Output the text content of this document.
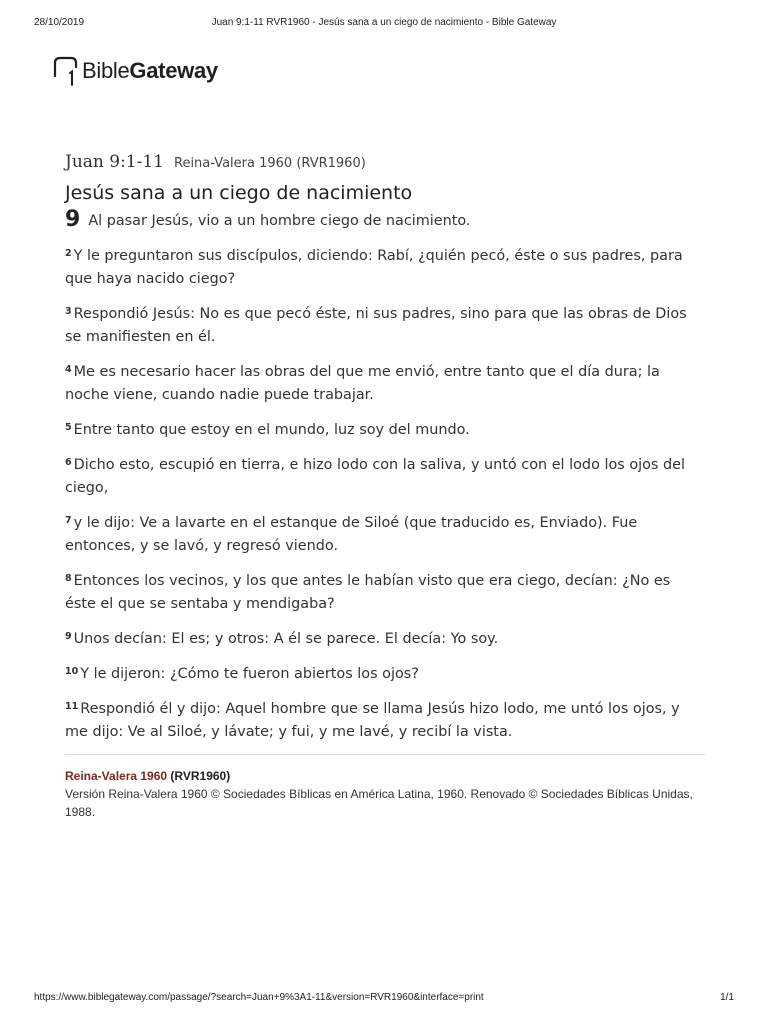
28/10/2019	Juan 9:1-11 RVR1960 - Jesús sana a un ciego de nacimiento - Bible Gateway
BibleGateway
Juan 9:1-11 Reina-Valera 1960 (RVR1960)
Jesús sana a un ciego de nacimiento

9 Al pasar Jesús, vio a un hombre ciego de nacimiento.

$^2$ Y le preguntaron sus discípulos, diciendo: Rabí, ¿quién pecó, éste o sus padres, para que haya nacido ciego?

$^3$ Respondió Jesús: No es que pecó éste, ni sus padres, sino para que las obras de Dios se manifiesten en él.

$^4$ Me es necesario hacer las obras del que me envió, entre tanto que el día dura; la noche viene, cuando nadie puede trabajar.

$^5$ Entre tanto que estoy en el mundo, luz soy del mundo.

$^6$ Dicho esto, escupió en tierra, e hizo lodo con la saliva, y untó con el lodo los ojos del ciego,

$^7$ y le dijo: Ve a lavarte en el estanque de Siloé (que traducido es, Enviado). Fue entonces, y se lavó, y regresó viendo.

$^8$ Entonces los vecinos, y los que antes le habían visto que era ciego, decían: ¿No es éste el que se sentaba y mendigaba?

$^9$ Unos decían: El es; y otros: A él se parece. El decía: Yo soy.

$^{10}$ Y le dijeron: ¿Cómo te fueron abiertos los ojos?

$^{11}$ Respondió él y dijo: Aquel hombre que se llama Jesús hizo lodo, me untó los ojos, y me dijo: Ve al Siloé, y lávate; y fui, y me lavé, y recibí la vista.

Reina-Valera 1960 (RVR1960)
Versión Reina-Valera 1960 © Sociedades Bíblicas en América Latina, 1960. Renovado © Sociedades Bíblicas Unidas, 1988.
https://www.biblegateway.com/passage/?search=Juan+9%3A1-11&version=RVR1960&interface=print	1/1
